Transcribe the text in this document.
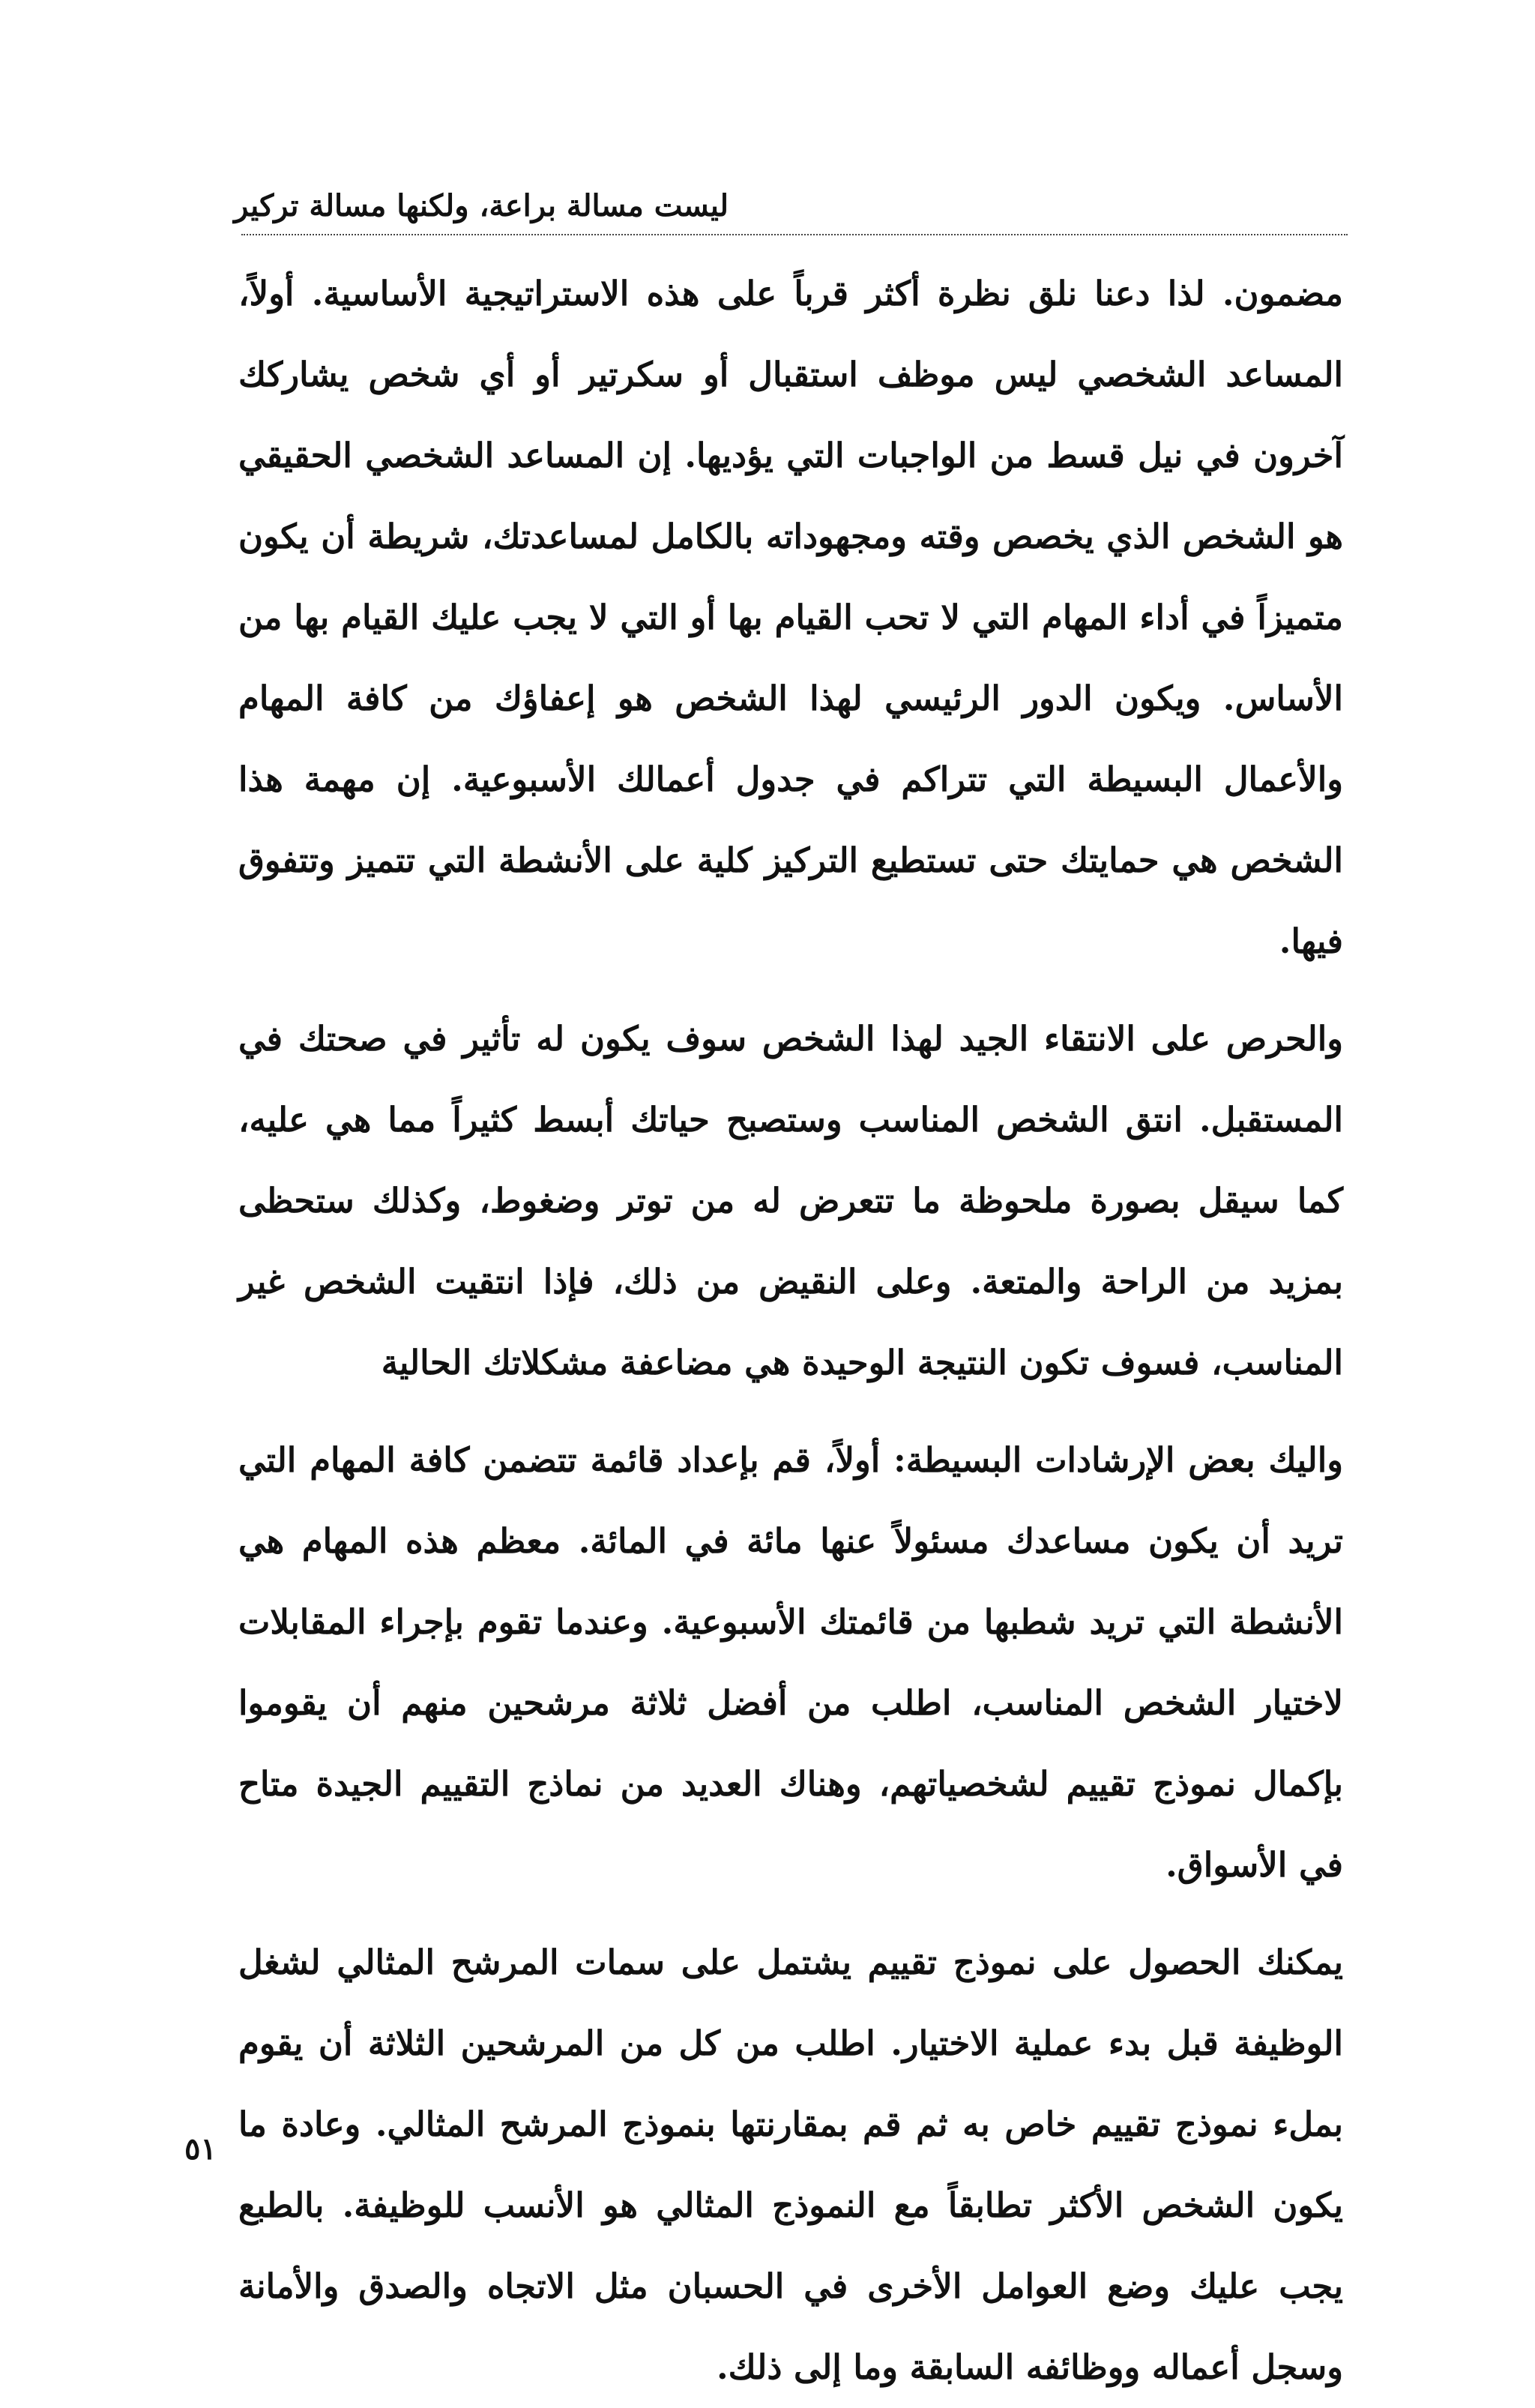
ليست مسالة براعة، ولكنها مسالة تركير

مضمون. لذا دعنا نلق نظرة أكثر قرباً على هذه الاستراتيجية الأساسية. أولاً، المساعد الشخصي ليس موظف استقبال أو سكرتير أو أي شخص يشاركك آخرون في نيل قسط من الواجبات التي يؤديها. إن المساعد الشخصي الحقيقي هو الشخص الذي يخصص وقته ومجهوداته بالكامل لمساعدتك، شريطة أن يكون متميزاً في أداء المهام التي لا تحب القيام بها أو التي لا يجب عليك القيام بها من الأساس. ويكون الدور الرئيسي لهذا الشخص هو إعفاؤك من كافة المهام والأعمال البسيطة التي تتراكم في جدول أعمالك الأسبوعية. إن مهمة هذا الشخص هي حمايتك حتى تستطيع التركيز كلية على الأنشطة التي تتميز وتتفوق فيها.

والحرص على الانتقاء الجيد لهذا الشخص سوف يكون له تأثير في صحتك في المستقبل. انتق الشخص المناسب وستصبح حياتك أبسط كثيراً مما هي عليه، كما سيقل بصورة ملحوظة ما تتعرض له من توتر وضغوط، وكذلك ستحظى بمزيد من الراحة والمتعة. وعلى النقيض من ذلك، فإذا انتقيت الشخص غير المناسب، فسوف تكون النتيجة الوحيدة هي مضاعفة مشكلاتك الحالية

واليك بعض الإرشادات البسيطة: أولاً، قم بإعداد قائمة تتضمن كافة المهام التي تريد أن يكون مساعدك مسئولاً عنها مائة في المائة. معظم هذه المهام هي الأنشطة التي تريد شطبها من قائمتك الأسبوعية. وعندما تقوم بإجراء المقابلات لاختيار الشخص المناسب، اطلب من أفضل ثلاثة مرشحين منهم أن يقوموا بإكمال نموذج تقييم لشخصياتهم، وهناك العديد من نماذج التقييم الجيدة متاح في الأسواق.

يمكنك الحصول على نموذج تقييم يشتمل على سمات المرشح المثالي لشغل الوظيفة قبل بدء عملية الاختيار. اطلب من كل من المرشحين الثلاثة أن يقوم بملء نموذج تقييم خاص به ثم قم بمقارنتها بنموذج المرشح المثالي. وعادة ما يكون الشخص الأكثر تطابقاً مع النموذج المثالي هو الأنسب للوظيفة. بالطبع يجب عليك وضع العوامل الأخرى في الحسبان مثل الاتجاه والصدق والأمانة وسجل أعماله ووظائفه السابقة وما إلى ذلك.

٥١
